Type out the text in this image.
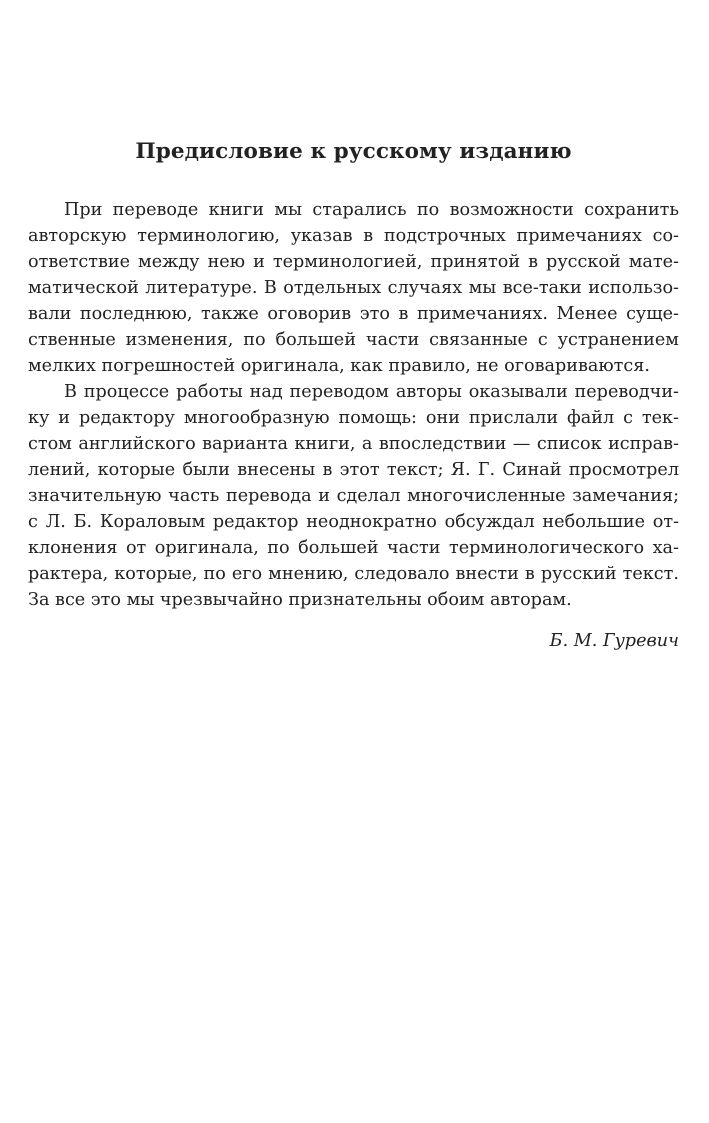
Предисловие к русскому изданию

При переводе книги мы старались по возможности сохранить
авторскую терминологию, указав в подстрочных примечаниях со-
ответствие между нею и терминологией, принятой в русской мате-
матической литературе. В отдельных случаях мы все-таки использо-
вали последнюю, также оговорив это в примечаниях. Менее суще-
ственные изменения, по большей части связанные с устранением
мелких погрешностей оригинала, как правило, не оговариваются.

В процессе работы над переводом авторы оказывали переводчи-
ку и редактору многообразную помощь: они прислали файл с тек-
стом английского варианта книги, а впоследствии — список исправ-
лений, которые были внесены в этот текст; Я. Г. Синай просмотрел
значительную часть перевода и сделал многочисленные замечания;
с Л. Б. Кораловым редактор неоднократно обсуждал небольшие от-
клонения от оригинала, по большей части терминологического ха-
рактера, которые, по его мнению, следовало внести в русский текст.
За все это мы чрезвычайно признательны обоим авторам.

Б. М. Гуревич
